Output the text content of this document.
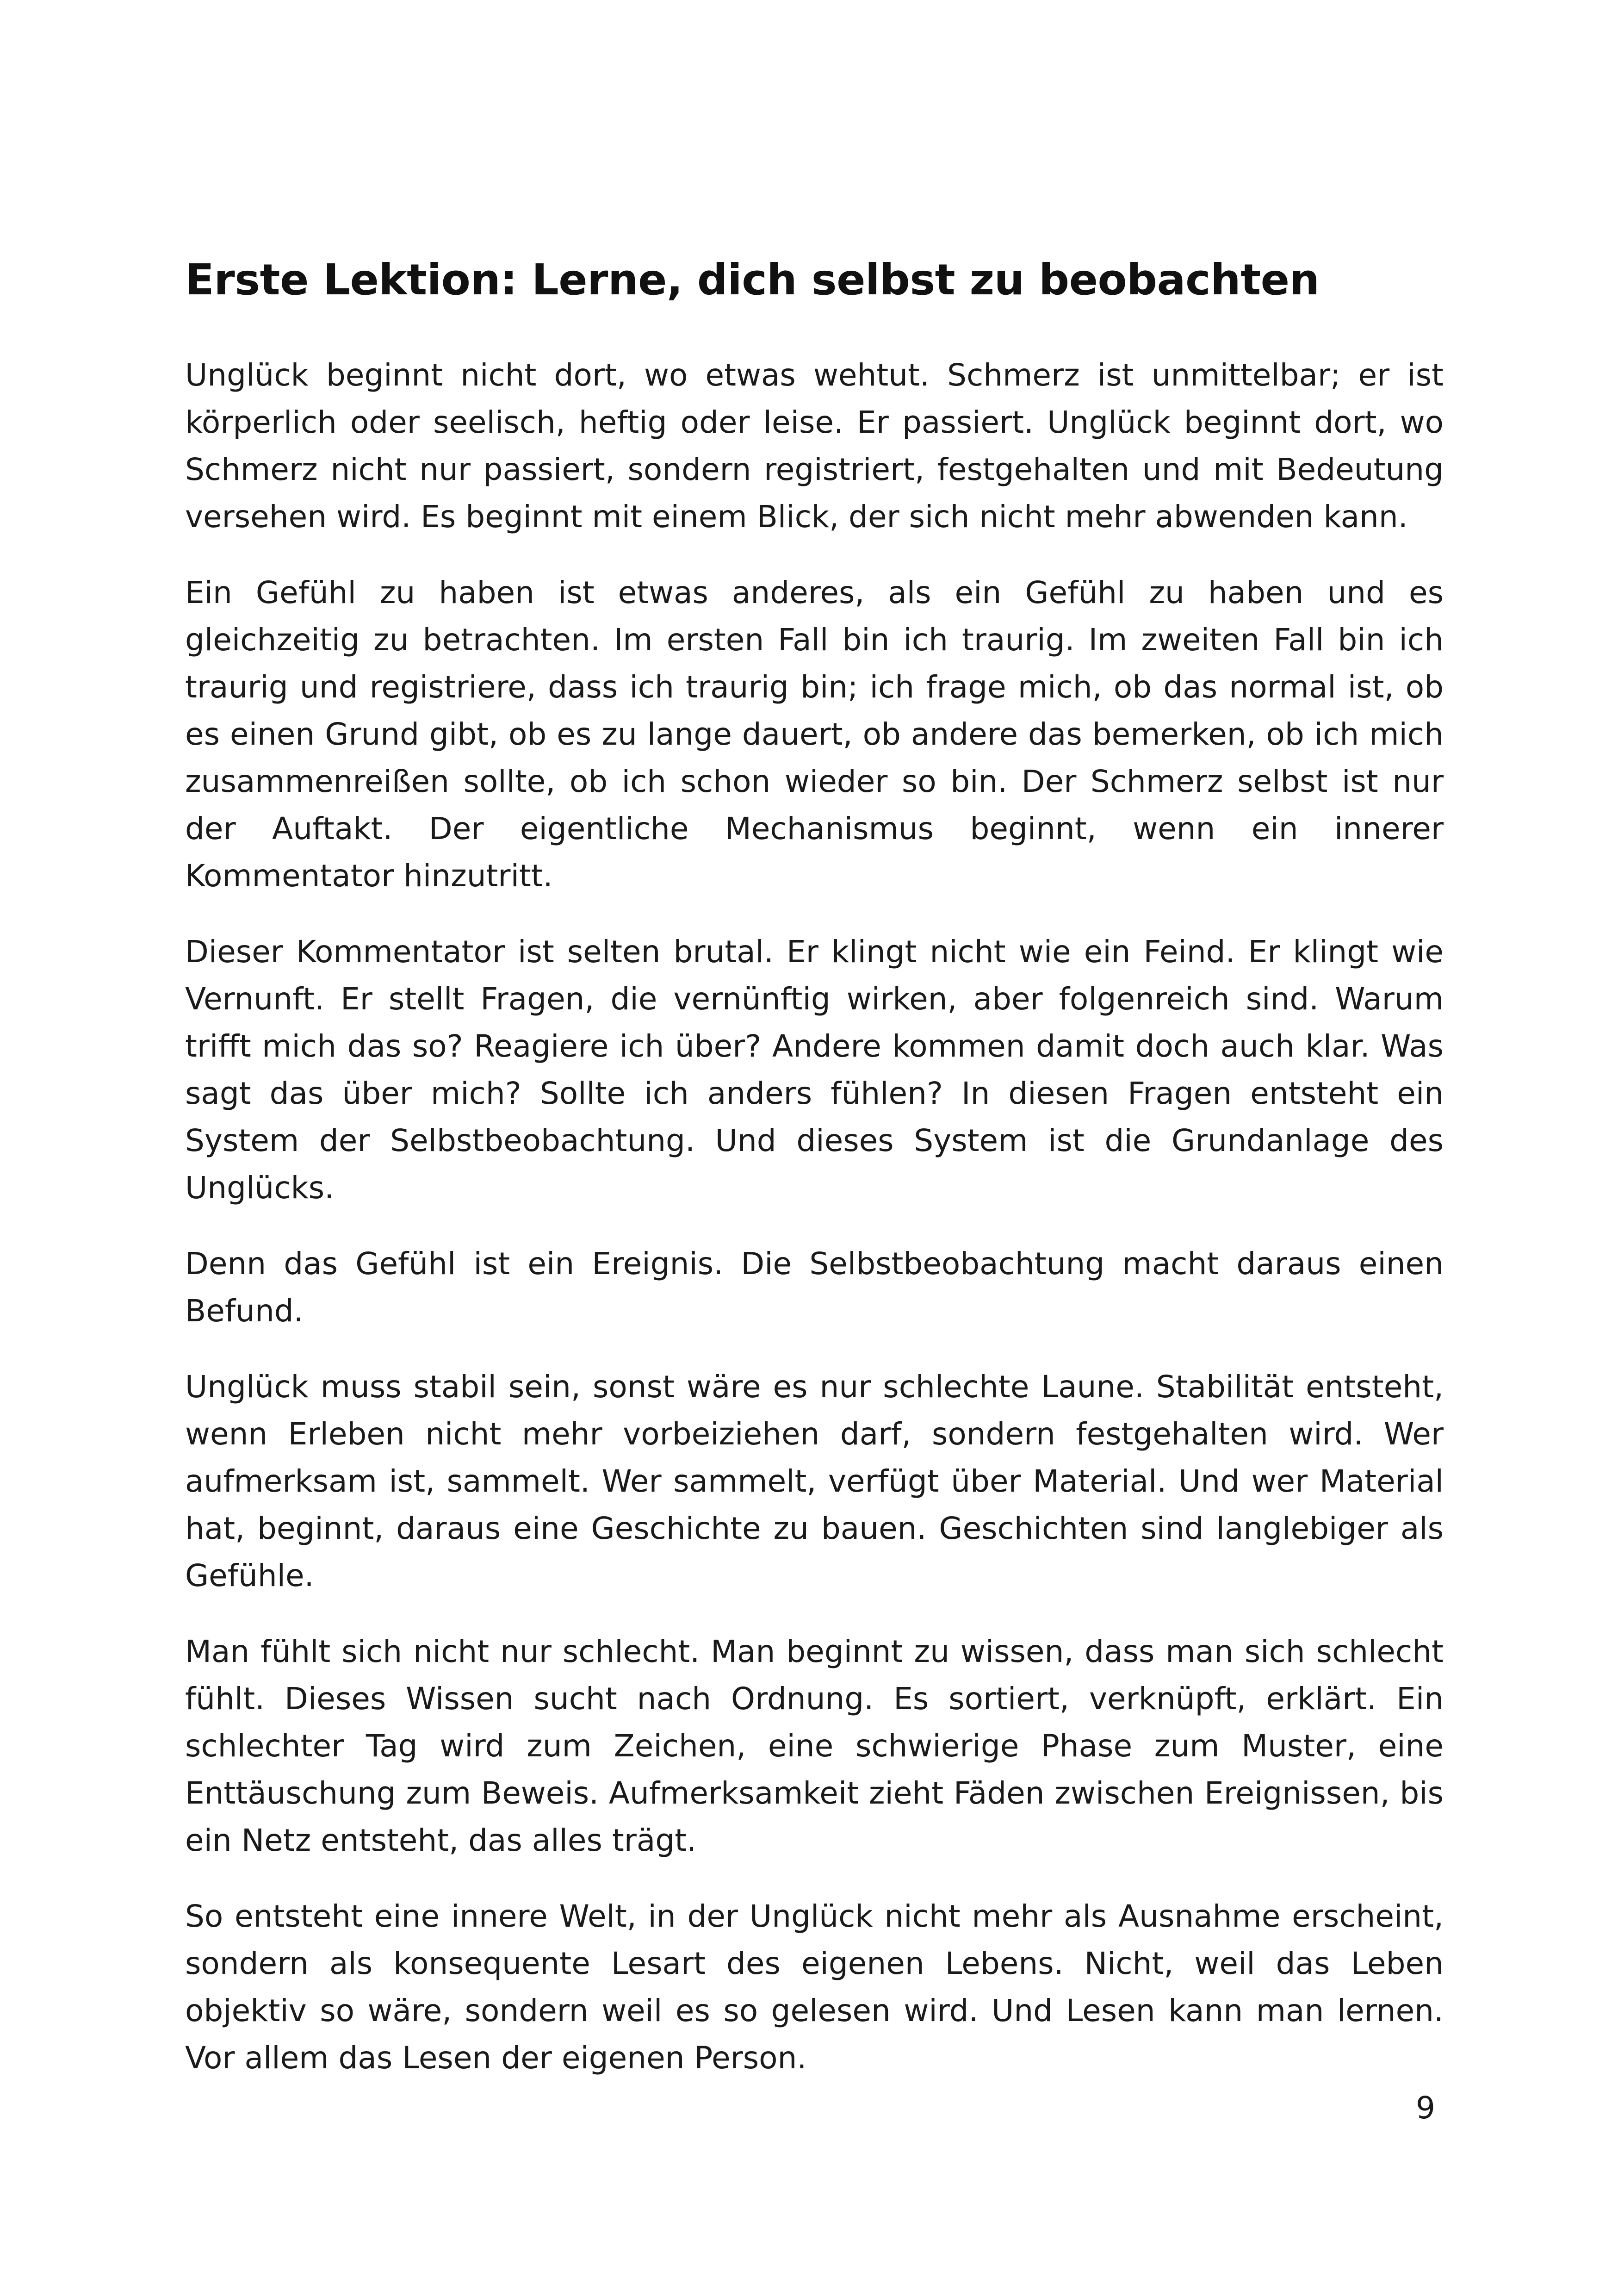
Erste Lektion: Lerne, dich selbst zu beobachten

Unglück beginnt nicht dort, wo etwas wehtut. Schmerz ist unmittelbar; er ist körperlich oder seelisch, heftig oder leise. Er passiert. Unglück beginnt dort, wo Schmerz nicht nur passiert, sondern registriert, festgehalten und mit Bedeutung versehen wird. Es beginnt mit einem Blick, der sich nicht mehr abwenden kann.

Ein Gefühl zu haben ist etwas anderes, als ein Gefühl zu haben und es gleichzeitig zu betrachten. Im ersten Fall bin ich traurig. Im zweiten Fall bin ich traurig und registriere, dass ich traurig bin; ich frage mich, ob das normal ist, ob es einen Grund gibt, ob es zu lange dauert, ob andere das bemerken, ob ich mich zusammenreißen sollte, ob ich schon wieder so bin. Der Schmerz selbst ist nur der Auftakt. Der eigentliche Mechanismus beginnt, wenn ein innerer Kommentator hinzutritt.

Dieser Kommentator ist selten brutal. Er klingt nicht wie ein Feind. Er klingt wie Vernunft. Er stellt Fragen, die vernünftig wirken, aber folgenreich sind. Warum trifft mich das so? Reagiere ich über? Andere kommen damit doch auch klar. Was sagt das über mich? Sollte ich anders fühlen? In diesen Fragen entsteht ein System der Selbstbeobachtung. Und dieses System ist die Grundanlage des Unglücks.

Denn das Gefühl ist ein Ereignis. Die Selbstbeobachtung macht daraus einen Befund.

Unglück muss stabil sein, sonst wäre es nur schlechte Laune. Stabilität entsteht, wenn Erleben nicht mehr vorbeiziehen darf, sondern festgehalten wird. Wer aufmerksam ist, sammelt. Wer sammelt, verfügt über Material. Und wer Material hat, beginnt, daraus eine Geschichte zu bauen. Geschichten sind langlebiger als Gefühle.

Man fühlt sich nicht nur schlecht. Man beginnt zu wissen, dass man sich schlecht fühlt. Dieses Wissen sucht nach Ordnung. Es sortiert, verknüpft, erklärt. Ein schlechter Tag wird zum Zeichen, eine schwierige Phase zum Muster, eine Enttäuschung zum Beweis. Aufmerksamkeit zieht Fäden zwischen Ereignissen, bis ein Netz entsteht, das alles trägt.

So entsteht eine innere Welt, in der Unglück nicht mehr als Ausnahme erscheint, sondern als konsequente Lesart des eigenen Lebens. Nicht, weil das Leben objektiv so wäre, sondern weil es so gelesen wird. Und Lesen kann man lernen. Vor allem das Lesen der eigenen Person.

9
